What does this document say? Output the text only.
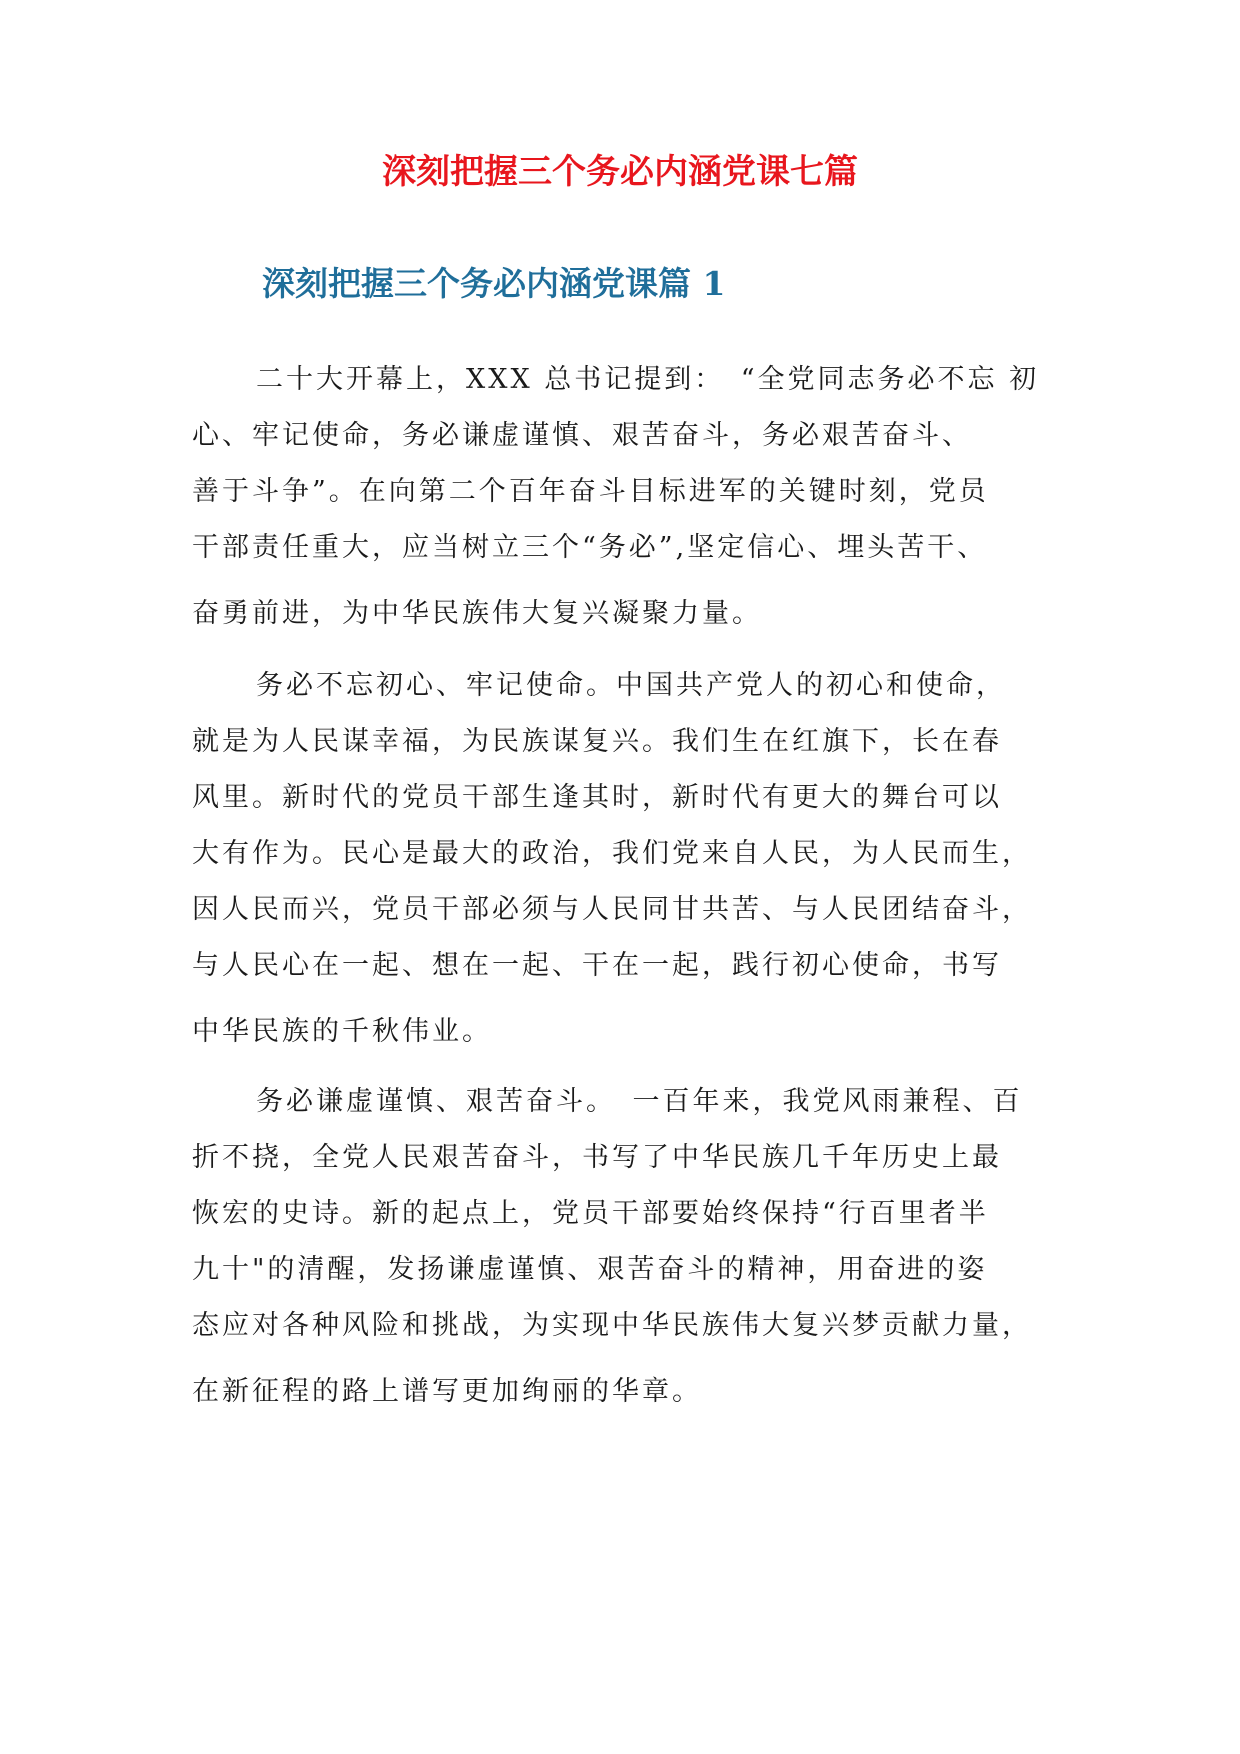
深刻把握三个务必内涵党课七篇
深刻把握三个务必内涵党课篇 1
二十大开幕上，XXX 总书记提到：　“全党同志务必不忘 初
心、牢记使命，务必谦虚谨慎、艰苦奋斗，务必艰苦奋斗、
善于斗争”。在向第二个百年奋斗目标进军的关键时刻，党员
干部责任重大，应当树立三个“务必”,坚定信心、埋头苦干、
奋勇前进，为中华民族伟大复兴凝聚力量。
务必不忘初心、牢记使命。中国共产党人的初心和使命，
就是为人民谋幸福，为民族谋复兴。我们生在红旗下，长在春
风里。新时代的党员干部生逢其时，新时代有更大的舞台可以
大有作为。民心是最大的政治，我们党来自人民，为人民而生，
因人民而兴，党员干部必须与人民同甘共苦、与人民团结奋斗，
与人民心在一起、想在一起、干在一起，践行初心使命，书写
中华民族的千秋伟业。
务必谦虚谨慎、艰苦奋斗。　一百年来，我党风雨兼程、百
折不挠，全党人民艰苦奋斗，书写了中华民族几千年历史上最
恢宏的史诗。新的起点上，党员干部要始终保持“行百里者半
九十"的清醒，发扬谦虚谨慎、艰苦奋斗的精神，用奋进的姿
态应对各种风险和挑战，为实现中华民族伟大复兴梦贡献力量，
在新征程的路上谱写更加绚丽的华章。
